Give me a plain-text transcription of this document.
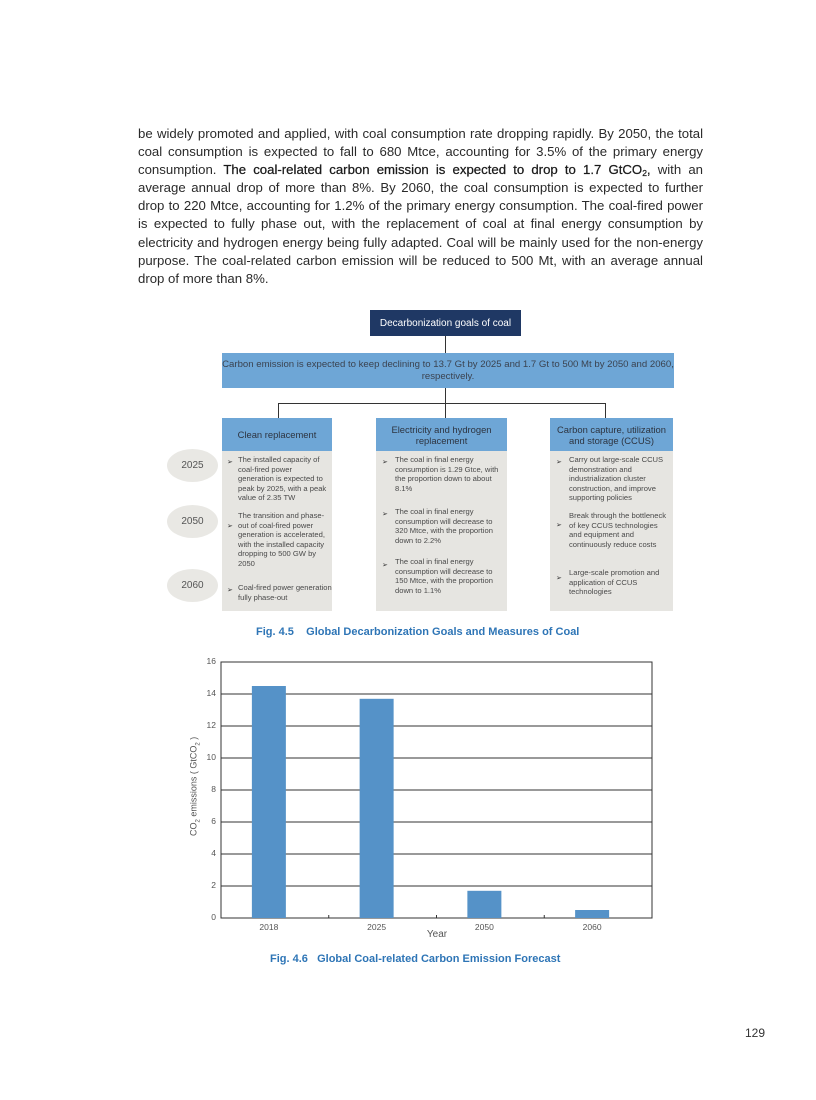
be widely promoted and applied, with coal consumption rate dropping rapidly. By 2050, the total coal consumption is expected to fall to 680 Mtce, accounting for 3.5% of the primary energy consumption. The coal-related carbon emission is expected to drop to 1.7 GtCO$_2$, with an average annual drop of more than 8%. By 2060, the coal consumption is expected to further drop to 220 Mtce, accounting for 1.2% of the primary energy consumption. The coal-fired power is expected to fully phase out, with the replacement of coal at final energy consumption by electricity and hydrogen energy being fully adapted. Coal will be mainly used for the non-energy purpose. The coal-related carbon emission will be reduced to 500 Mt, with an average annual drop of more than 8%.
Decarbonization goals of coal
Carbon emission is expected to keep declining to 13.7 Gt by 2025 and 1.7 Gt to 500 Mt by 2050 and 2060, respectively.
2025
2050
2060
Clean replacement
➢ The installed capacity of coal-fired power generation is expected to peak by 2025, with a peak value of 2.35 TW
➢
The transition and phase-out of coal-fired power generation is accelerated, with the installed capacity dropping to 500 GW by 2050
➢ Coal-fired power generation fully phase-out
Electricity and hydrogen replacement
➢ The coal in final energy consumption is 1.29 Gtce, with the proportion down to about 8.1%
➢ The coal in final energy consumption will decrease to 320 Mtce, with the proportion down to 2.2%
➢ The coal in final energy consumption will decrease to 150 Mtce, with the proportion down to 1.1%
Carbon capture, utilization and storage (CCUS)
➢ Carry out large-scale CCUS demonstration and industrialization cluster construction, and improve supporting policies
➢
Break through the bottleneck of key CCUS technologies and equipment and continuously reduce costs
➢
Large-scale promotion and application of CCUS technologies
Fig. 4.5 Global Decarbonization Goals and Measures of Coal
0
2
4
6
8
10
12
14
16
2018	2025	2050	2060
$CO_2$ emissions ( GtCO$_2$ )
Year
Fig. 4.6 Global Coal-related Carbon Emission Forecast
129
